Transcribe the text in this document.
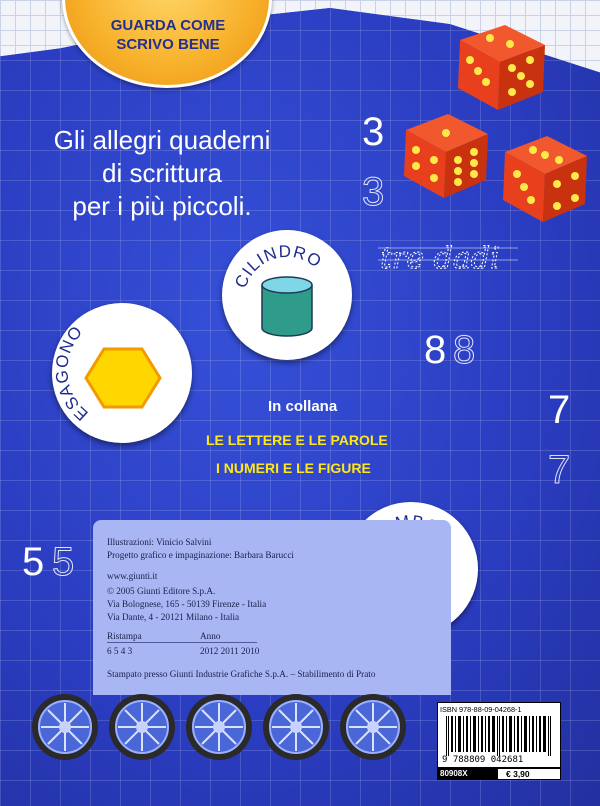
GUARDA COME
SCRIVO BENE
Gli allegri quaderni
di scrittura
per i più piccoli.
3
3
tre dadi
8 8
7
7
5 5
CILINDRO
ESAGONO
In collana
LE LETTERE E LE PAROLE
I NUMERI E LE FIGURE
Illustrazioni: Vinicio Salvini
Progetto grafico e impaginazione: Barbara Barucci
www.giunti.it
© 2005 Giunti Editore S.p.A.
Via Bolognese, 165 - 50139 Firenze - Italia
Via Dante, 4 - 20121 Milano - Italia
Ristampa	Anno
6 5 4 3	2012 2011 2010
Stampato presso Giunti Industrie Grafiche S.p.A. – Stabilimento di Prato
ISBN 978-88-09-04268-1
9 788809 042681
80908X	€ 3,90
